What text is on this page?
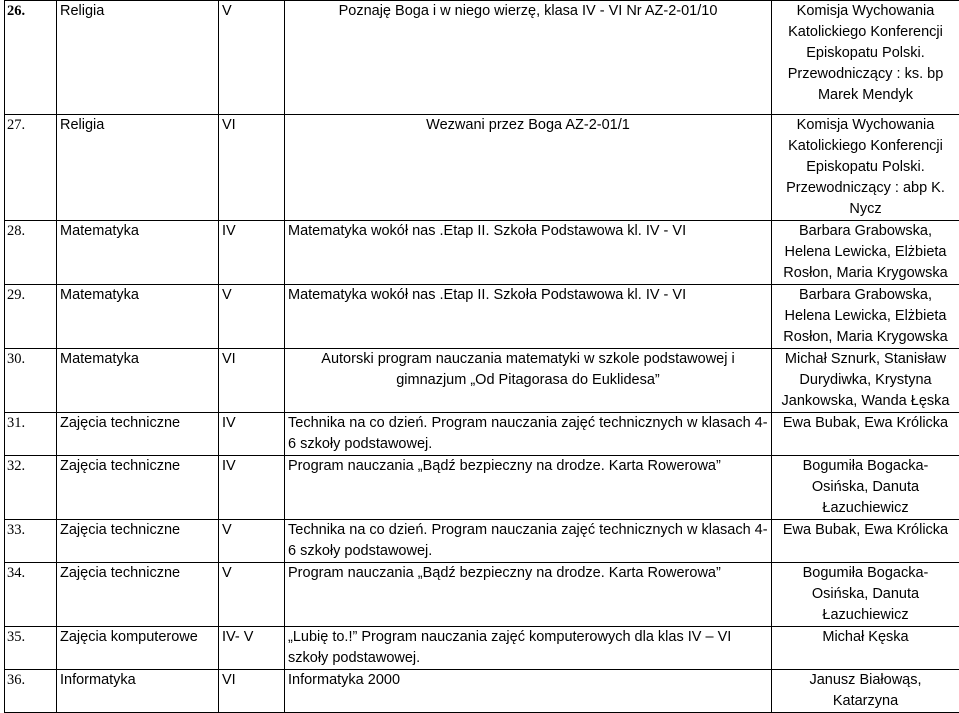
26.	Religia	V	Poznaję Boga i w niego wierzę, klasa IV - VI Nr AZ-2-01/10	Komisja Wychowania Katolickiego Konferencji Episkopatu Polski. Przewodniczący : ks. bp Marek Mendyk
27.	Religia	VI	Wezwani przez Boga AZ-2-01/1	Komisja Wychowania Katolickiego Konferencji Episkopatu Polski. Przewodniczący : abp K. Nycz
28.	Matematyka	IV	Matematyka wokół nas .Etap II. Szkoła Podstawowa kl. IV - VI	Barbara Grabowska, Helena Lewicka, Elżbieta Rosłon, Maria Krygowska
29.	Matematyka	V	Matematyka wokół nas .Etap II. Szkoła Podstawowa kl. IV - VI	Barbara Grabowska, Helena Lewicka, Elżbieta Rosłon, Maria Krygowska
30.	Matematyka	VI	Autorski program nauczania matematyki w szkole podstawowej i gimnazjum „Od Pitagorasa do Euklidesa”	Michał Sznurk, Stanisław Durydiwka, Krystyna Jankowska, Wanda Łęska
31.	Zajęcia techniczne	IV	Technika na co dzień. Program nauczania zajęć technicznych w klasach 4-6 szkoły podstawowej.	Ewa Bubak, Ewa Królicka
32.	Zajęcia techniczne	IV	Program nauczania „Bądź bezpieczny na drodze. Karta Rowerowa”	Bogumiła Bogacka-Osińska, Danuta Łazuchiewicz
33.	Zajęcia techniczne	V	Technika na co dzień. Program nauczania zajęć technicznych w klasach 4-6 szkoły podstawowej.	Ewa Bubak, Ewa Królicka
34.	Zajęcia techniczne	V	Program nauczania „Bądź bezpieczny na drodze. Karta Rowerowa”	Bogumiła Bogacka-Osińska, Danuta Łazuchiewicz
35.	Zajęcia komputerowe	IV- V	„Lubię to.!” Program nauczania zajęć komputerowych dla klas IV – VI szkoły podstawowej.	Michał Kęska
36.	Informatyka	VI	Informatyka 2000	Janusz Białowąs, Katarzyna
